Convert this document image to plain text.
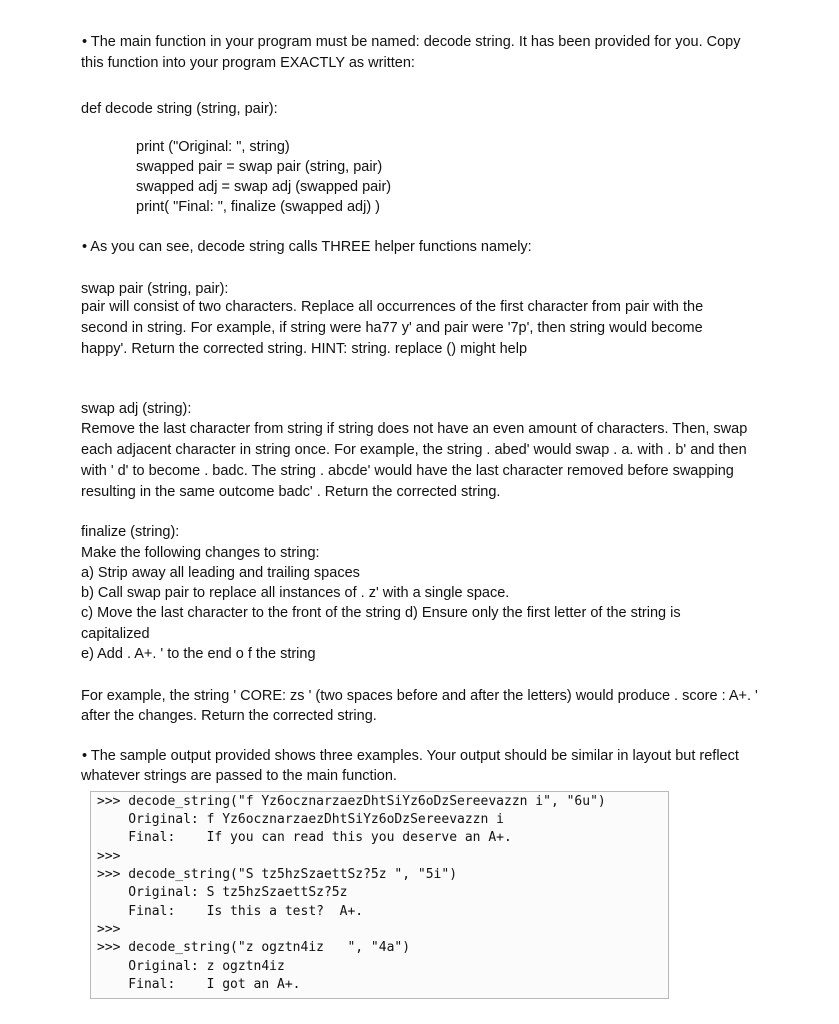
• The main function in your program must be named: decode string. It has been provided for you. Copy
this function into your program EXACTLY as written:
def decode string (string, pair):
print ("Original: ", string)
swapped pair = swap pair (string, pair)
swapped adj = swap adj (swapped pair)
print( "Final: ", finalize (swapped adj) )
• As you can see, decode string calls THREE helper functions namely:
swap pair (string, pair):
pair will consist of two characters. Replace all occurrences of the first character from pair with the
second in string. For example, if string were ha77 y' and pair were '7p', then string would become
happy'. Return the corrected string. HINT: string. replace () might help
swap adj (string):
Remove the last character from string if string does not have an even amount of characters. Then, swap
each adjacent character in string once. For example, the string . abed' would swap . a. with . b' and then
with ' d' to become . badc. The string . abcde' would have the last character removed before swapping
resulting in the same outcome badc' . Return the corrected string.
finalize (string):
Make the following changes to string:
a) Strip away all leading and trailing spaces
b) Call swap pair to replace all instances of . z' with a single space.
c) Move the last character to the front of the string d) Ensure only the first letter of the string is
capitalized
e) Add . A+. ' to the end o f the string
For example, the string ' CORE: zs ' (two spaces before and after the letters) would produce . score : A+. '
after the changes. Return the corrected string.
• The sample output provided shows three examples. Your output should be similar in layout but reflect
whatever strings are passed to the main function.
>>> decode_string("f Yz6ocznarzaezDhtSiYz6oDzSereevazzn i", "6u")
Original: f Yz6ocznarzaezDhtSiYz6oDzSereevazzn i
Final:    If you can read this you deserve an A+.
>>>
>>> decode_string("S tz5hzSzaettSz?5z ", "5i")
Original: S tz5hzSzaettSz?5z
Final:    Is this a test?  A+.
>>>
>>> decode_string("z ogztn4iz   ", "4a")
Original: z ogztn4iz
Final:    I got an A+.
